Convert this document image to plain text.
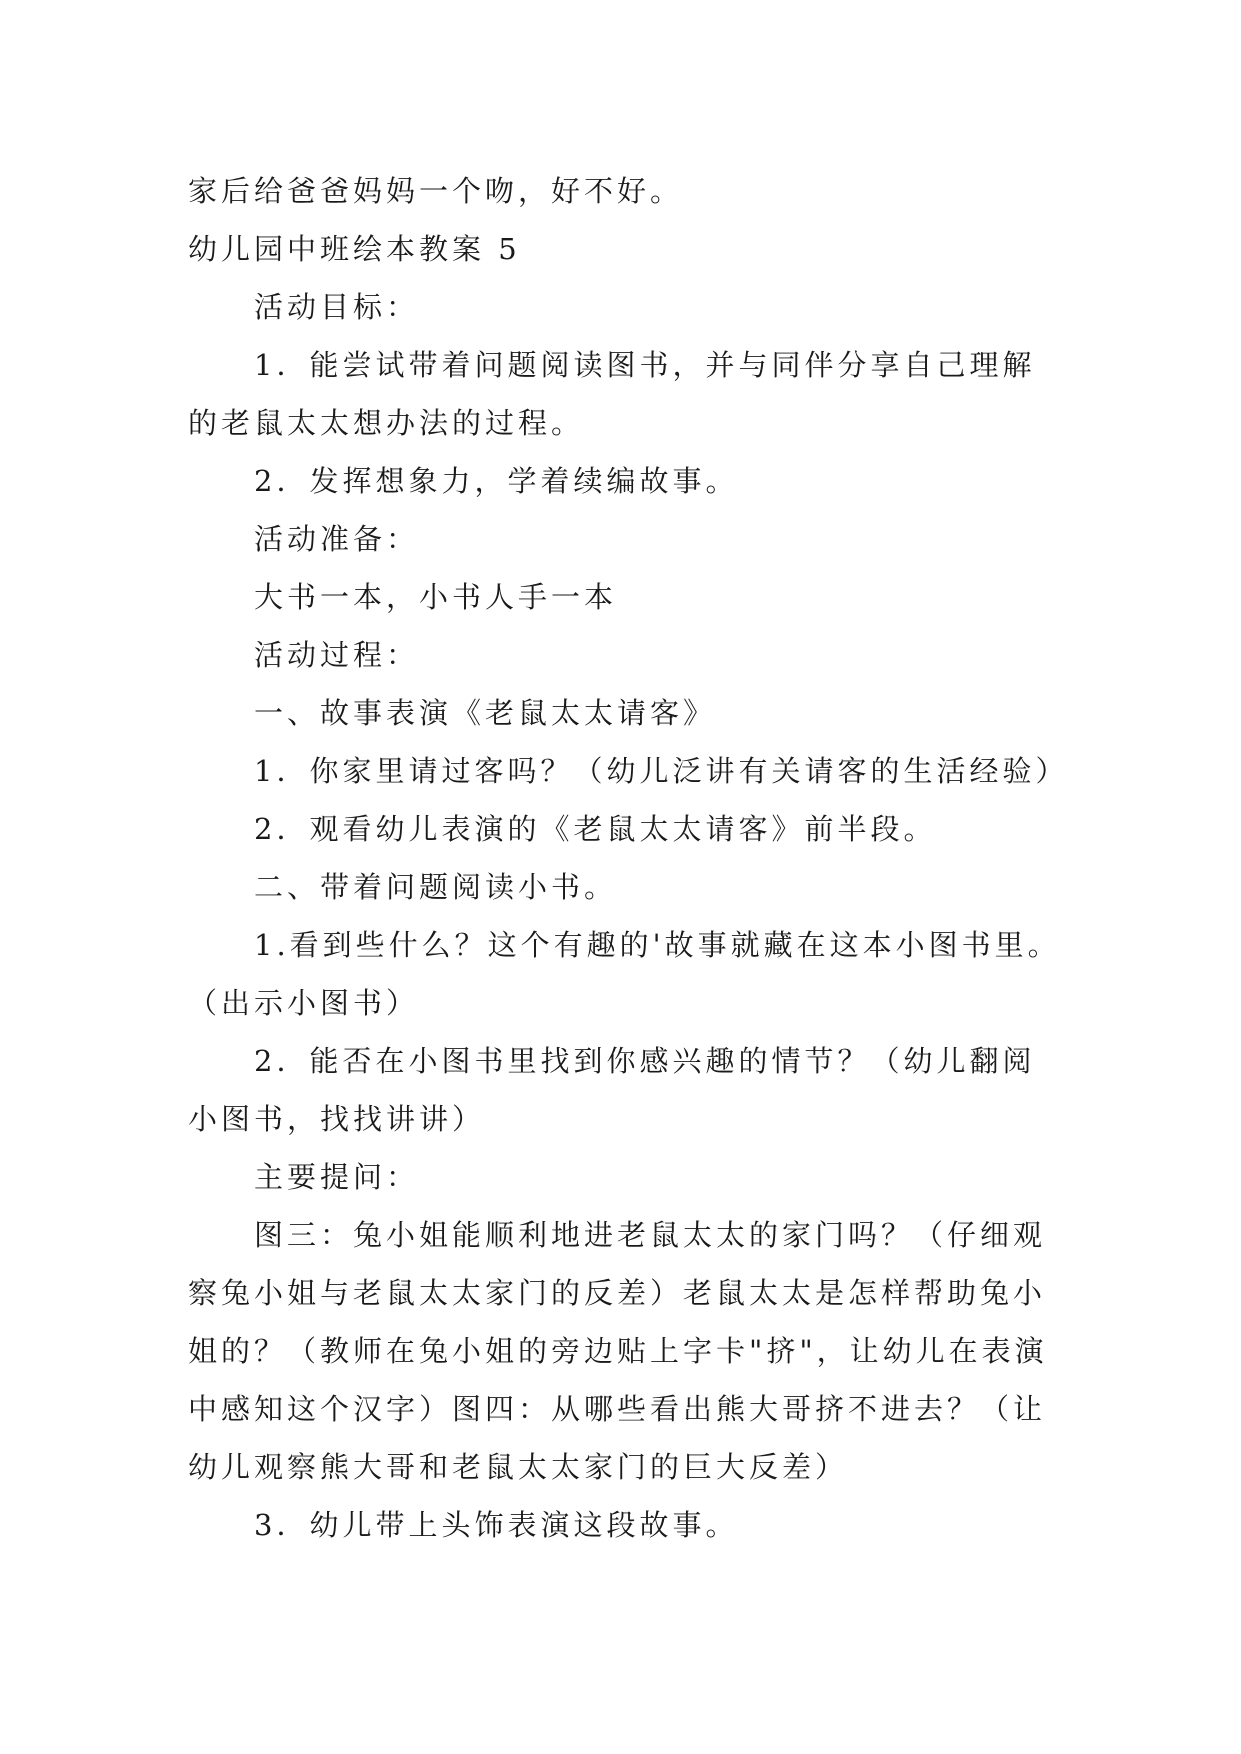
家后给爸爸妈妈一个吻，好不好。
幼儿园中班绘本教案 5
活动目标：
1．能尝试带着问题阅读图书，并与同伴分享自己理解
的老鼠太太想办法的过程。
2．发挥想象力，学着续编故事。
活动准备：
大书一本，小书人手一本
活动过程：
一、故事表演《老鼠太太请客》
1．你家里请过客吗？（幼儿泛讲有关请客的生活经验）
2．观看幼儿表演的《老鼠太太请客》前半段。
二、带着问题阅读小书。
1.看到些什么？这个有趣的'故事就藏在这本小图书里。
（出示小图书）
2．能否在小图书里找到你感兴趣的情节？（幼儿翻阅
小图书，找找讲讲）
主要提问：
图三：兔小姐能顺利地进老鼠太太的家门吗？（仔细观
察兔小姐与老鼠太太家门的反差）老鼠太太是怎样帮助兔小
姐的？（教师在兔小姐的旁边贴上字卡"挤"，让幼儿在表演
中感知这个汉字）图四：从哪些看出熊大哥挤不进去？（让
幼儿观察熊大哥和老鼠太太家门的巨大反差）
3．幼儿带上头饰表演这段故事。
